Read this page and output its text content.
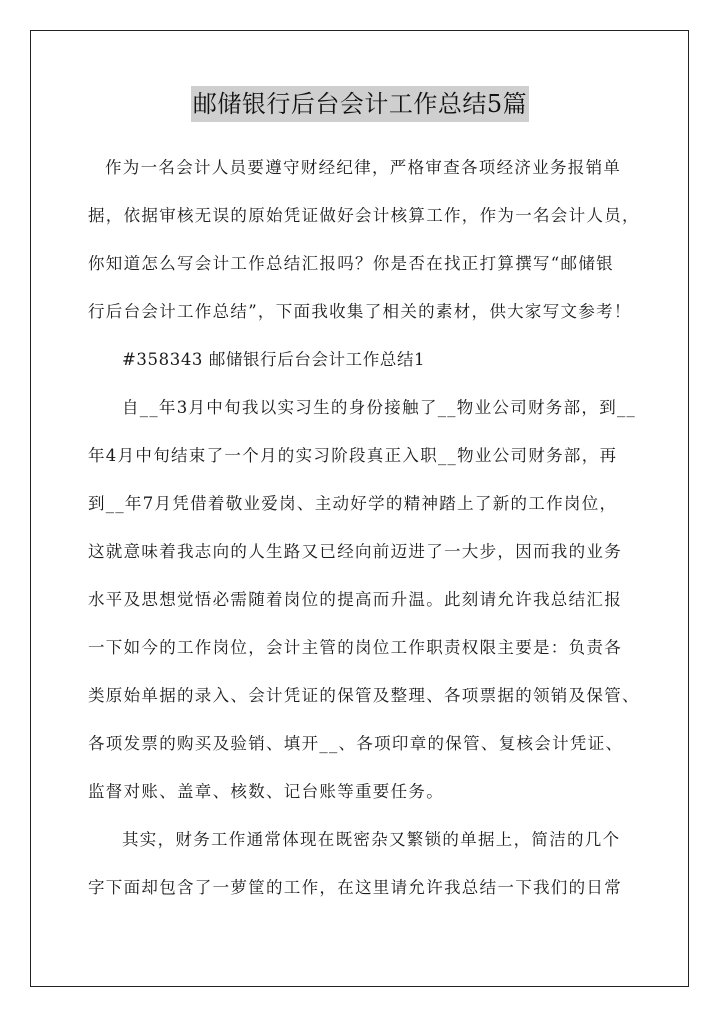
邮储银行后台会计工作总结5篇
作为一名会计人员要遵守财经纪律，严格审查各项经济业务报销单
据，依据审核无误的原始凭证做好会计核算工作，作为一名会计人员，
你知道怎么写会计工作总结汇报吗？你是否在找正打算撰写“邮储银
行后台会计工作总结”，下面我收集了相关的素材，供大家写文参考！
#358343 邮储银行后台会计工作总结1
自__年3月中旬我以实习生的身份接触了__物业公司财务部，到__
年4月中旬结束了一个月的实习阶段真正入职__物业公司财务部，再
到__年7月凭借着敬业爱岗、主动好学的精神踏上了新的工作岗位，
这就意味着我志向的人生路又已经向前迈进了一大步，因而我的业务
水平及思想觉悟必需随着岗位的提高而升温。此刻请允许我总结汇报
一下如今的工作岗位，会计主管的岗位工作职责权限主要是：负责各
类原始单据的录入、会计凭证的保管及整理、各项票据的领销及保管、
各项发票的购买及验销、填开__、各项印章的保管、复核会计凭证、
监督对账、盖章、核数、记台账等重要任务。
其实，财务工作通常体现在既密杂又繁锁的单据上，简洁的几个
字下面却包含了一萝筐的工作，在这里请允许我总结一下我们的日常
